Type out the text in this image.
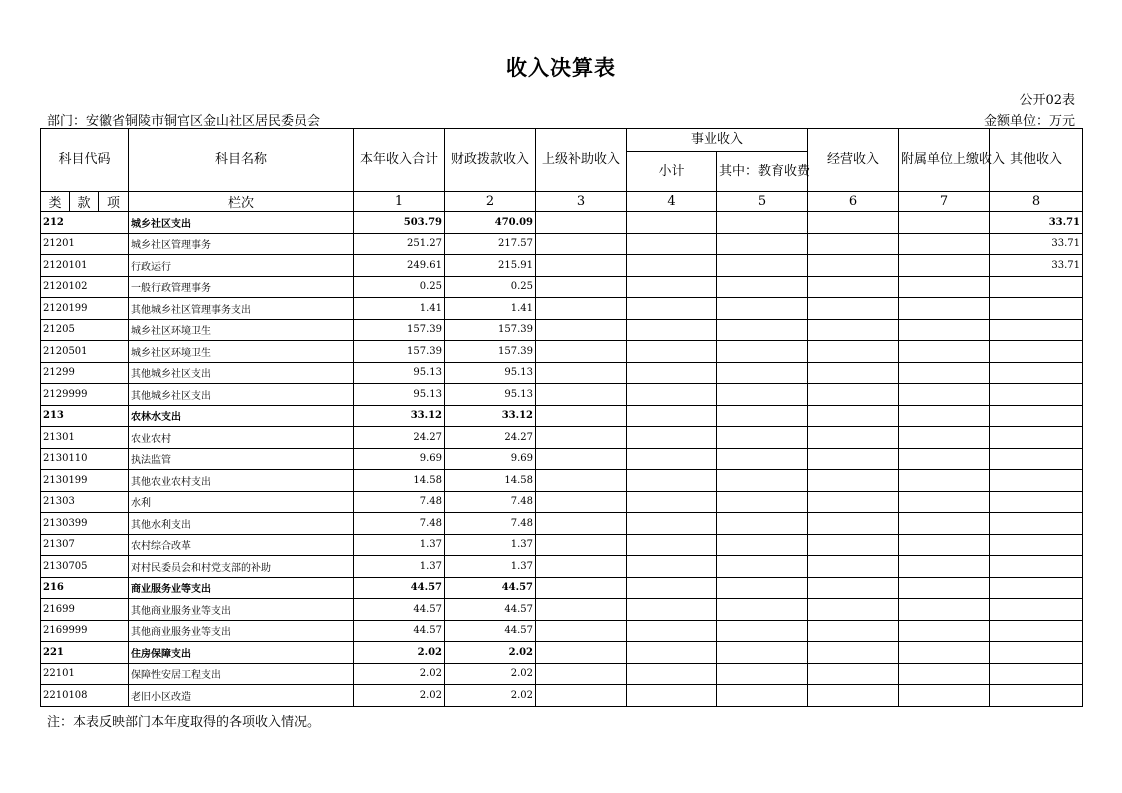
收入决算表
公开02表
部门：安徽省铜陵市铜官区金山社区居民委员会	金额单位：万元
科目代码			科目名称	本年收入合计	财政拨款收入	上级补助收入	事业收入		经营收入	附属单位上缴收入	其他收入
							小计	其中：教育收费			
类	款	项	栏次	1	2	3	4	5	6	7	8
212			城乡社区支出	503.79	470.09						33.71
21201			城乡社区管理事务	251.27	217.57						33.71
2120101			行政运行	249.61	215.91						33.71
2120102			一般行政管理事务	0.25	0.25						
2120199			其他城乡社区管理事务支出	1.41	1.41						
21205			城乡社区环境卫生	157.39	157.39						
2120501			城乡社区环境卫生	157.39	157.39						
21299			其他城乡社区支出	95.13	95.13						
2129999			其他城乡社区支出	95.13	95.13						
213			农林水支出	33.12	33.12						
21301			农业农村	24.27	24.27						
2130110			执法监管	9.69	9.69						
2130199			其他农业农村支出	14.58	14.58						
21303			水利	7.48	7.48						
2130399			其他水利支出	7.48	7.48						
21307			农村综合改革	1.37	1.37						
2130705			对村民委员会和村党支部的补助	1.37	1.37						
216			商业服务业等支出	44.57	44.57						
21699			其他商业服务业等支出	44.57	44.57						
2169999			其他商业服务业等支出	44.57	44.57						
221			住房保障支出	2.02	2.02						
22101			保障性安居工程支出	2.02	2.02						
2210108			老旧小区改造	2.02	2.02						
注：本表反映部门本年度取得的各项收入情况。
